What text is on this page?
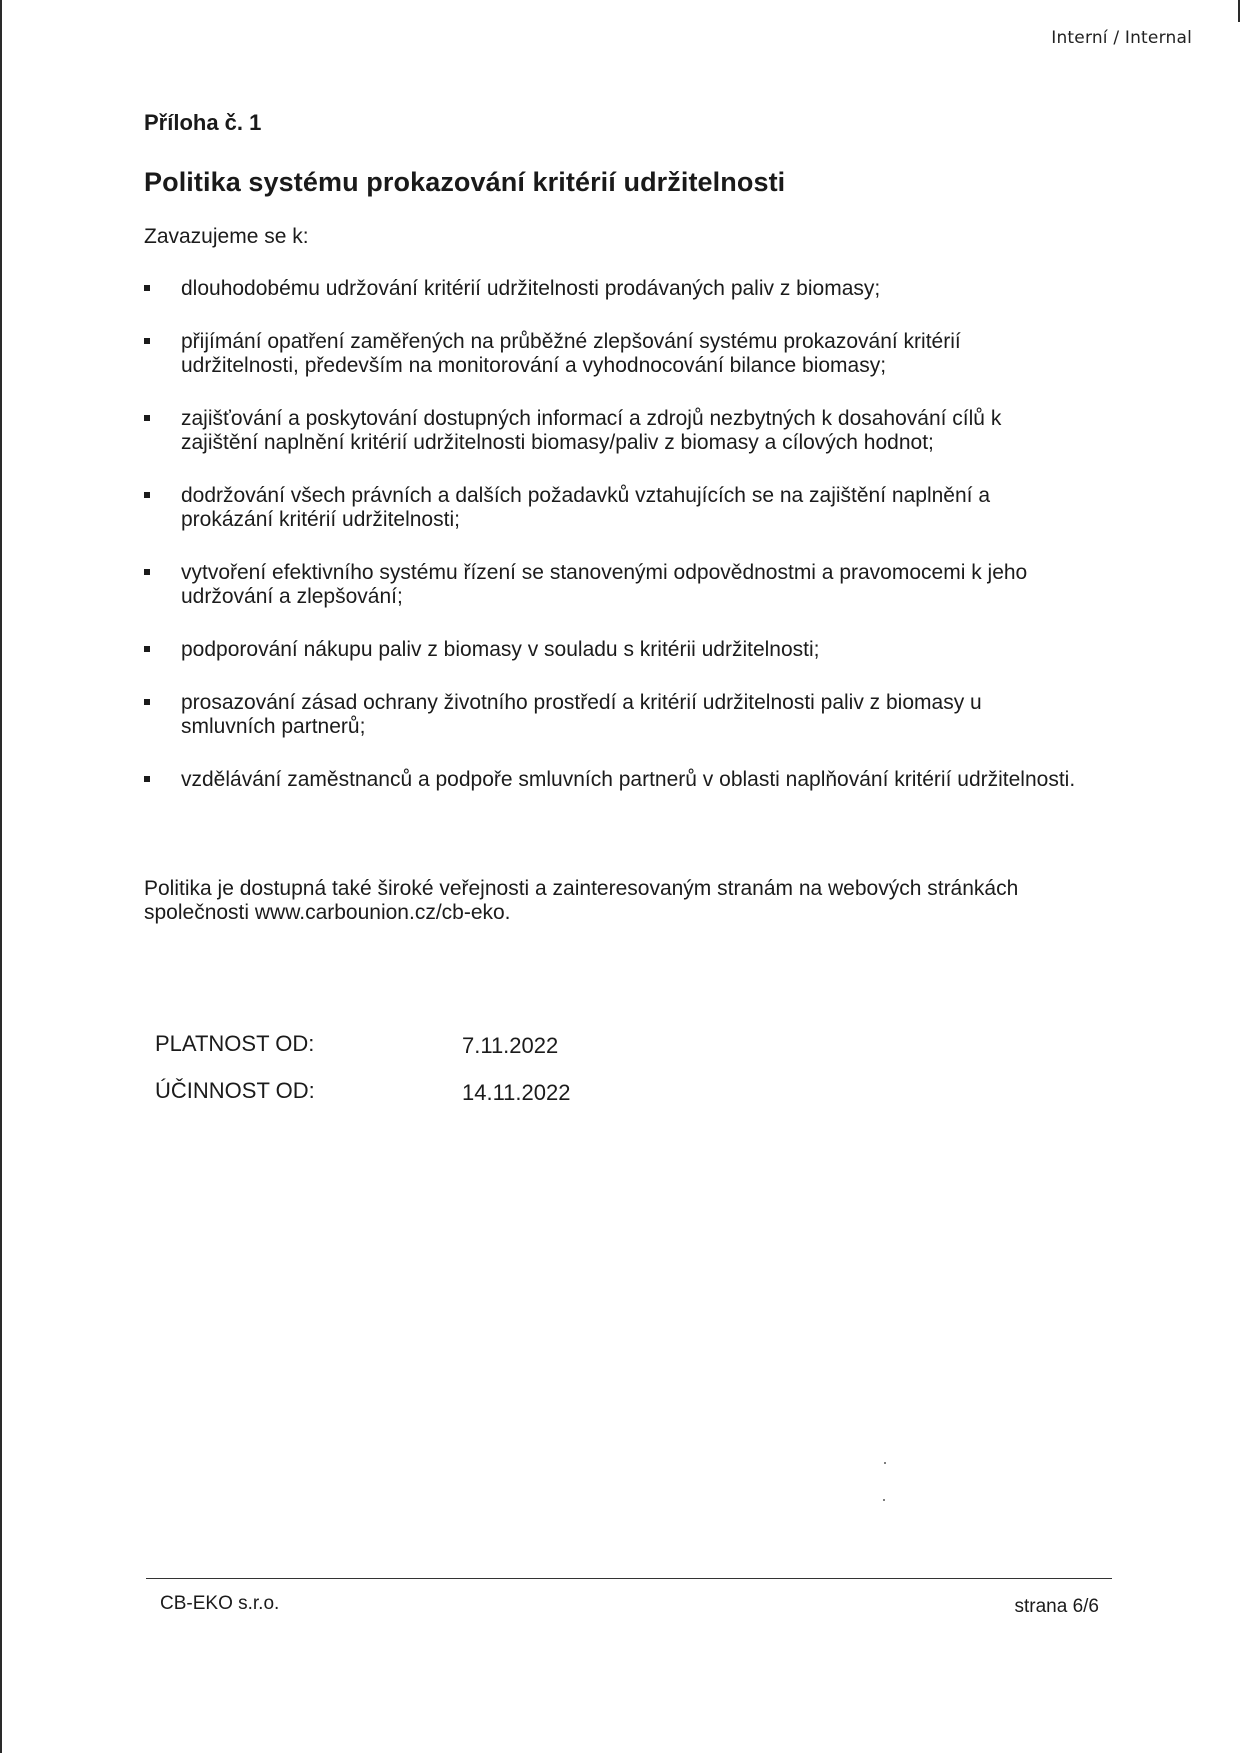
Interní / Internal
Příloha č. 1
Politika systému prokazování kritérií udržitelnosti
Zavazujeme se k:
dlouhodobému udržování kritérií udržitelnosti prodávaných paliv z biomasy;
přijímání opatření zaměřených na průběžné zlepšování systému prokazování kritérií udržitelnosti, především na monitorování a vyhodnocování bilance biomasy;
zajišťování a poskytování dostupných informací a zdrojů nezbytných k dosahování cílů k zajištění naplnění kritérií udržitelnosti biomasy/paliv z biomasy a cílových hodnot;
dodržování všech právních a dalších požadavků vztahujících se na zajištění naplnění a prokázání kritérií udržitelnosti;
vytvoření efektivního systému řízení se stanovenými odpovědnostmi a pravomocemi k jeho udržování a zlepšování;
podporování nákupu paliv z biomasy v souladu s kritérii udržitelnosti;
prosazování zásad ochrany životního prostředí a kritérií udržitelnosti paliv z biomasy u smluvních partnerů;
vzdělávání zaměstnanců a podpoře smluvních partnerů v oblasti naplňování kritérií udržitelnosti.
Politika je dostupná také široké veřejnosti a zainteresovaným stranám na webových stránkách společnosti www.carbounion.cz/cb-eko.
PLATNOST OD:	7.11.2022
ÚČINNOST OD:	14.11.2022
CB-EKO s.r.o.	strana 6/6
